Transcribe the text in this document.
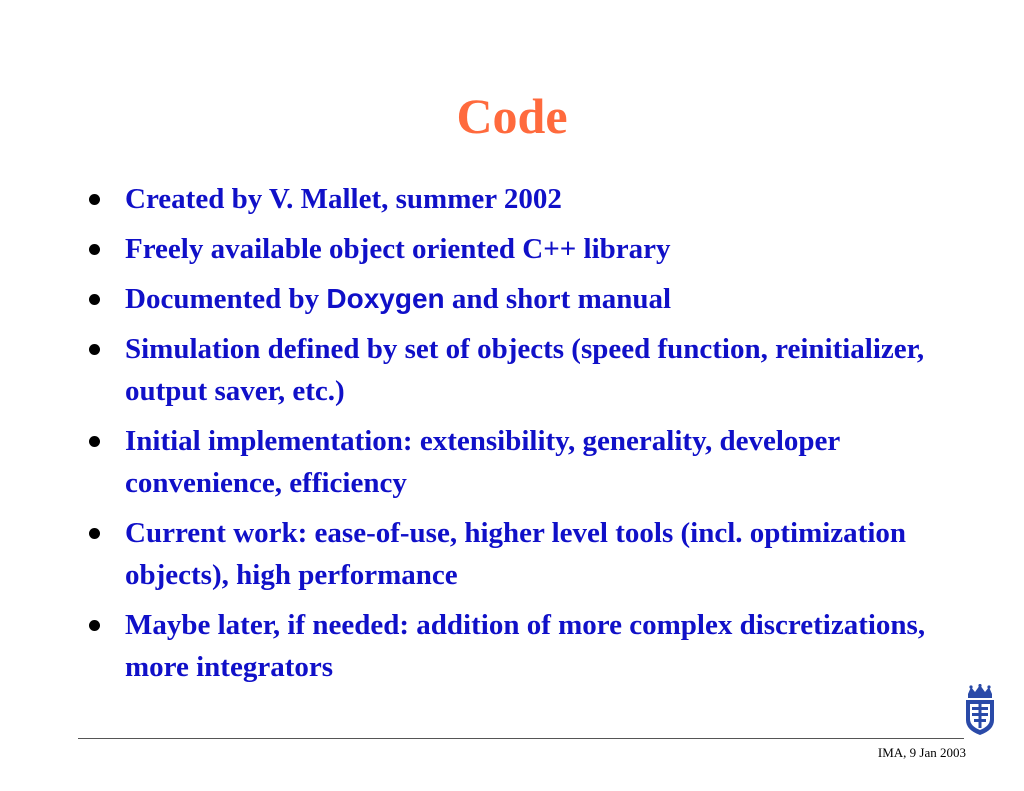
Code
Created by V. Mallet, summer 2002
Freely available object oriented C++ library
Documented by Doxygen and short manual
Simulation defined by set of objects (speed function, reinitializer, output saver, etc.)
Initial implementation: extensibility, generality, developer convenience, efficiency
Current work: ease-of-use, higher level tools (incl. optimization objects), high performance
Maybe later, if needed: addition of more complex discretizations, more integrators
IMA, 9 Jan 2003
